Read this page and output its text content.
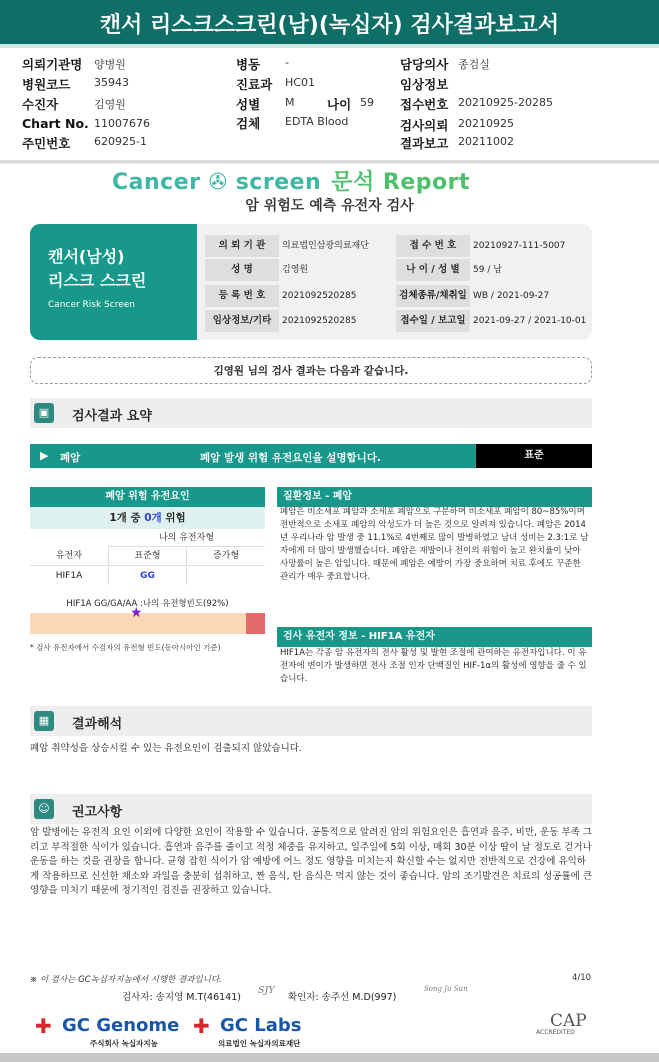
캔서 리스크스크린(남)(녹십자) 검사결과보고서
의뢰기관명 양병원
병원코드 35943
수진자	김영원
Chart No. 11007676
주민번호 620925-1
병동 -
진료과 HC01
성별 M	나이 59
검체 EDTA Blood
담당의사 종검실
임상정보
접수번호 20210925-20285
검사의뢰 20210925
결과보고 20211002
Cancer ✇ screen 문석 Report
암 위험도 예측 유전자 검사
의 뢰 기 관	의료법인삼광의료재단	접 수 번 호	20210927-111-5007
성 명	김영원	나 이 / 성 별	59 / 남
등 록 번 호	2021092520285	검체종류/채취일 WB / 2021-09-27
임상정보/기타	2021092520285	접수일 / 보고일 2021-09-27 / 2021-10-01
캔서(남성)
리스크 스크린
Cancer Risk Screen
김영원 님의 검사 결과는 다음과 같습니다.
▣	검사결과 요약
▶ 폐암	폐암 발생 위험 유전요인을 설명합니다.	표준
폐암 위험 유전요인
1개 중 0개 위험
나의 유전자형
유전자	표준형	증가형
HIF1A	GG
HIF1A GG/GA/AA :나의 유전형빈도(92%)
★
* 검사 유전자에서 수검자의 유전형 빈도(동아시아인 기준)
질환정보 - 폐암
폐암은 비소세포 폐암과 소세포 폐암으로 구분하며 비소세포 폐암이 80~85%이며 전반적으로 소세포 폐암의 악성도가 더 높은 것으로 알려져 있습니다. 폐암은 2014년 우리나라 암 발생 중 11.1%로 4번째로 많이 발병하였고 남녀 성비는 2.3:1로 남자에게 더 많이 발생했습니다. 폐암은 재발이나 전이의 위험이 높고 완치율이 낮아 사망률이 높은 암입니다. 때문에 폐암은 예방이 가장 중요하며 치료 후에도 꾸준한 관리가 매우 중요합니다.
검사 유전자 정보 - HIF1A 유전자
HIF1A는 각종 암 유전자의 전사 활성 및 발현 조절에 관여하는 유전자입니다. 이 유전자에 변이가 발생하면 전사 조절 인자 단백질인 HIF-1α의 활성에 영향을 줄 수 있습니다.
▦	결과해석
폐암 취약성을 상승시킬 수 있는 유전요인이 검출되지 않았습니다.
☺	권고사항
암 발병에는 유전적 요인 이외에 다양한 요인이 작용할 수 있습니다. 공통적으로 알려진 암의 위험요인은 흡연과 음주, 비만, 운동 부족 그리고 부적절한 식이가 있습니다. 흡연과 음주를 줄이고 적정 체중을 유지하고, 일주일에 5회 이상, 매회 30분 이상 땀이 날 정도로 걷거나 운동을 하는 것을 권장을 합니다. 균형 잡힌 식이가 암 예방에 어느 정도 영향을 미치는지 확신할 수는 없지만 전반적으로 건강에 유익하게 작용하므로 신선한 채소와 과일을 충분히 섭취하고, 짠 음식, 탄 음식은 먹지 않는 것이 좋습니다. 암의 조기발견은 치료의 성공률에 큰 영향을 미치기 때문에 정기적인 검진을 권장하고 있습니다.
※ 이 검사는 GC녹십자지놈에서 시행한 결과입니다.	4/10
검사자: 송지영 M.T(46141)
SJY
확인자: 송주선 M.D(997)
Song Ju Sun
✚ GC Genome
주식회사 녹십자지놈
✚ GC Labs
의료법인 녹십자의료재단
CAP
ACCREDITED
